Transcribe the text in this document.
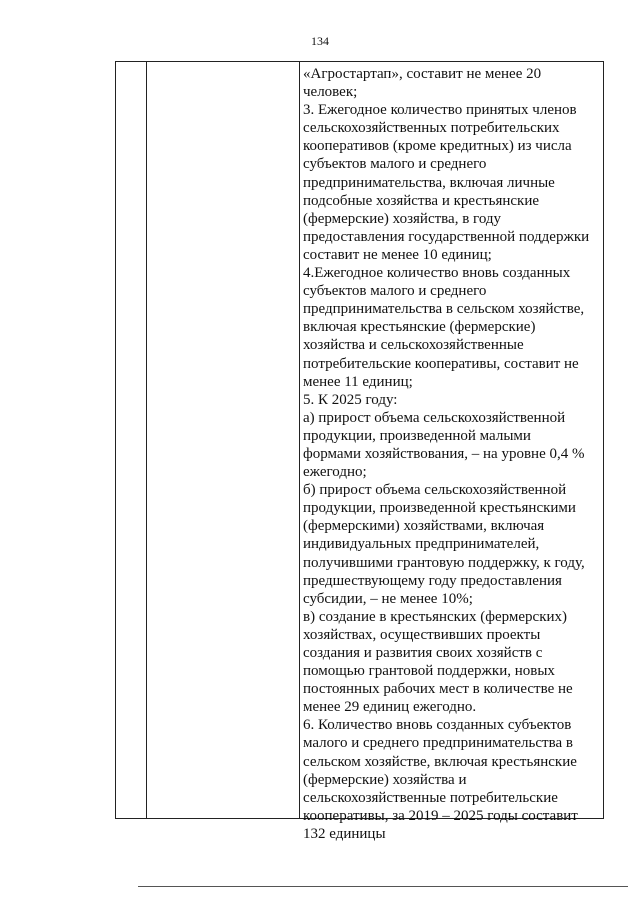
134
«Агростартап», составит не менее 20
человек;
3. Ежегодное количество принятых членов
сельскохозяйственных потребительских
кооперативов (кроме кредитных) из числа
субъектов малого и среднего
предпринимательства, включая личные
подсобные хозяйства и крестьянские
(фермерские) хозяйства, в году
предоставления государственной поддержки
составит не менее 10 единиц;
4.Ежегодное количество вновь созданных
субъектов малого и среднего
предпринимательства в сельском хозяйстве,
включая крестьянские (фермерские)
хозяйства и сельскохозяйственные
потребительские кооперативы, составит не
менее 11 единиц;
5. К 2025 году:
а) прирост объема сельскохозяйственной
продукции, произведенной малыми
формами хозяйствования, – на уровне 0,4 %
ежегодно;
б) прирост объема сельскохозяйственной
продукции, произведенной крестьянскими
(фермерскими) хозяйствами, включая
индивидуальных предпринимателей,
получившими грантовую поддержку, к году,
предшествующему году предоставления
субсидии, – не менее 10%;
в) создание в крестьянских (фермерских)
хозяйствах, осуществивших проекты
создания и развития своих хозяйств с
помощью грантовой поддержки, новых
постоянных рабочих мест в количестве не
менее 29 единиц ежегодно.
6. Количество вновь созданных субъектов
малого и среднего предпринимательства в
сельском хозяйстве, включая крестьянские
(фермерские) хозяйства и
сельскохозяйственные потребительские
кооперативы, за 2019 – 2025 годы составит
132 единицы
